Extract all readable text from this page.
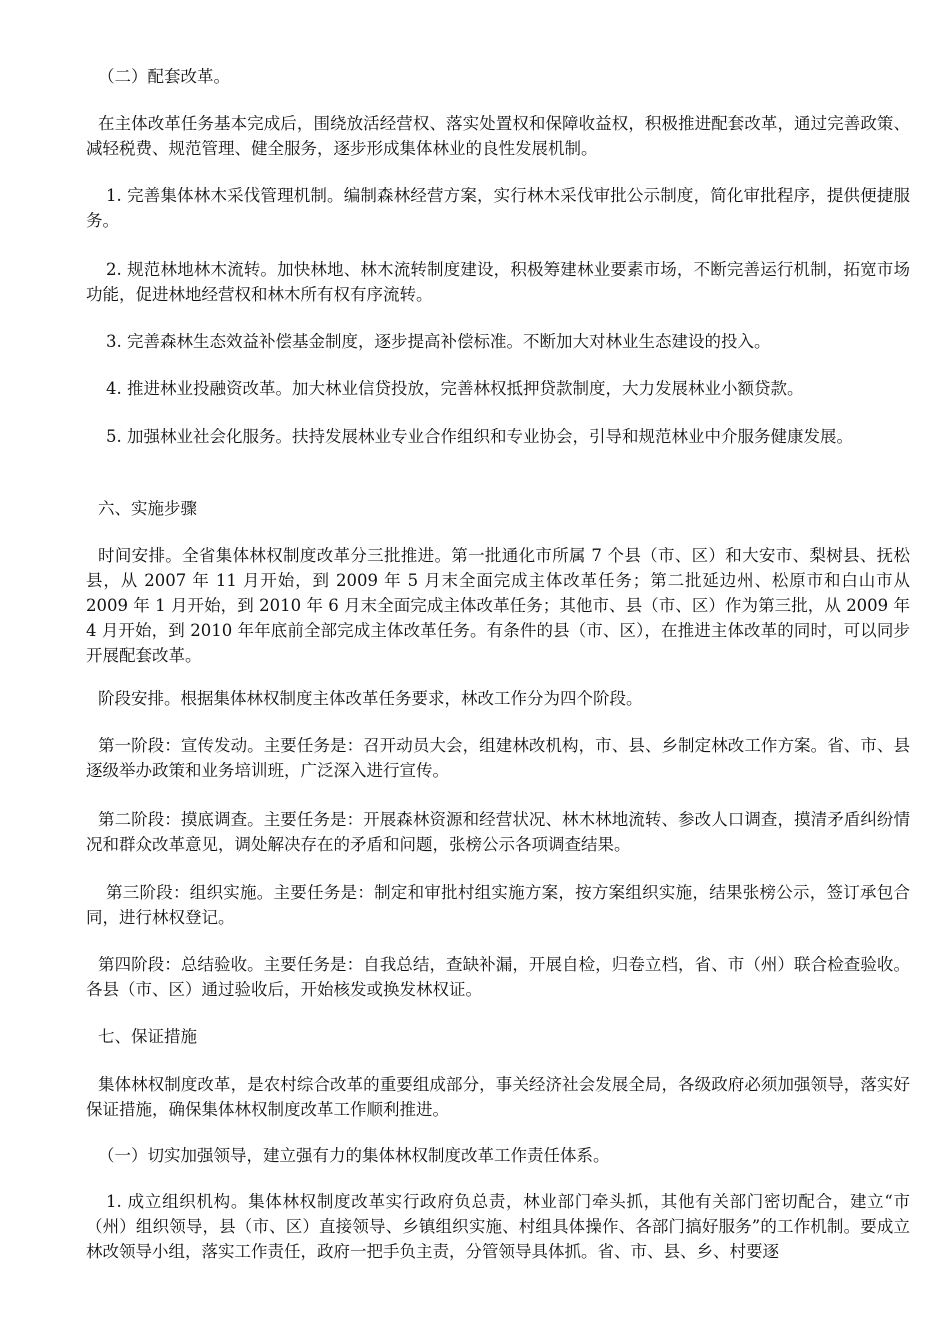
（二）配套改革。

在主体改革任务基本完成后，围绕放活经营权、落实处置权和保障收益权，积极推进配套改革，通过完善政策、减轻税费、规范管理、健全服务，逐步形成集体林业的良性发展机制。

1. 完善集体林木采伐管理机制。编制森林经营方案，实行林木采伐审批公示制度，简化审批程序，提供便捷服务。

2. 规范林地林木流转。加快林地、林木流转制度建设，积极筹建林业要素市场，不断完善运行机制，拓宽市场功能，促进林地经营权和林木所有权有序流转。

3. 完善森林生态效益补偿基金制度，逐步提高补偿标准。不断加大对林业生态建设的投入。

4. 推进林业投融资改革。加大林业信贷投放，完善林权抵押贷款制度，大力发展林业小额贷款。

5. 加强林业社会化服务。扶持发展林业专业合作组织和专业协会，引导和规范林业中介服务健康发展。

六、实施步骤

时间安排。全省集体林权制度改革分三批推进。第一批通化市所属 7 个县（市、区）和大安市、梨树县、抚松县，从 2007 年 11 月开始，到 2009 年 5 月末全面完成主体改革任务；第二批延边州、松原市和白山市从 2009 年 1 月开始，到 2010 年 6 月末全面完成主体改革任务；其他市、县（市、区）作为第三批，从 2009 年 4 月开始，到 2010 年年底前全部完成主体改革任务。有条件的县（市、区），在推进主体改革的同时，可以同步开展配套改革。

阶段安排。根据集体林权制度主体改革任务要求，林改工作分为四个阶段。

第一阶段：宣传发动。主要任务是：召开动员大会，组建林改机构，市、县、乡制定林改工作方案。省、市、县逐级举办政策和业务培训班，广泛深入进行宣传。

第二阶段：摸底调查。主要任务是：开展森林资源和经营状况、林木林地流转、参改人口调查，摸清矛盾纠纷情况和群众改革意见，调处解决存在的矛盾和问题，张榜公示各项调查结果。

第三阶段：组织实施。主要任务是：制定和审批村组实施方案，按方案组织实施，结果张榜公示，签订承包合同，进行林权登记。

第四阶段：总结验收。主要任务是：自我总结，查缺补漏，开展自检，归卷立档，省、市（州）联合检查验收。各县（市、区）通过验收后，开始核发或换发林权证。

七、保证措施

集体林权制度改革，是农村综合改革的重要组成部分，事关经济社会发展全局，各级政府必须加强领导，落实好保证措施，确保集体林权制度改革工作顺利推进。

（一）切实加强领导，建立强有力的集体林权制度改革工作责任体系。

1. 成立组织机构。集体林权制度改革实行政府负总责，林业部门牵头抓，其他有关部门密切配合，建立“市（州）组织领导，县（市、区）直接领导、乡镇组织实施、村组具体操作、各部门搞好服务”的工作机制。要成立林改领导小组，落实工作责任，政府一把手负主责，分管领导具体抓。省、市、县、乡、村要逐
